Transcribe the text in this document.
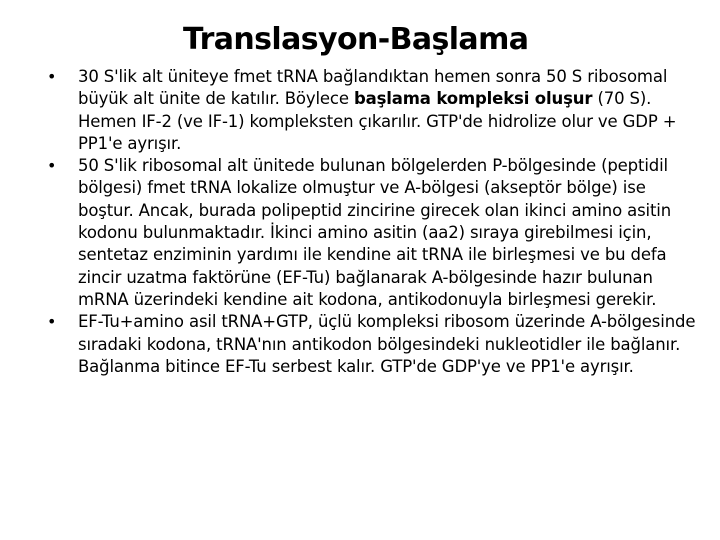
Translasyon-Başlama
• 30 S'lik alt üniteye fmet tRNA bağlandıktan hemen sonra 50 S ribosomal büyük alt ünite de katılır. Böylece başlama kompleksi oluşur (70 S). Hemen IF-2 (ve IF-1) kompleksten çıkarılır. GTP'de hidrolize olur ve GDP + PP1'e ayrışır.
• 50 S'lik ribosomal alt ünitede bulunan bölgelerden P-bölgesinde (peptidil bölgesi) fmet tRNA lokalize olmuştur ve A-bölgesi (akseptör bölge) ise boştur. Ancak, burada polipeptid zincirine girecek olan ikinci amino asitin kodonu bulunmaktadır. İkinci amino asitin (aa2) sıraya girebilmesi için, sentetaz enziminin yardımı ile kendine ait tRNA ile birleşmesi ve bu defa zincir uzatma faktörüne (EF-Tu) bağlanarak A-bölgesinde hazır bulunan mRNA üzerindeki kendine ait kodona, antikodonuyla birleşmesi gerekir.
• EF-Tu+amino asil tRNA+GTP, üçlü kompleksi ribosom üzerinde A-bölgesinde sıradaki kodona, tRNA'nın antikodon bölgesindeki nukleotidler ile bağlanır. Bağlanma bitince EF-Tu serbest kalır. GTP'de GDP'ye ve PP1'e ayrışır.
